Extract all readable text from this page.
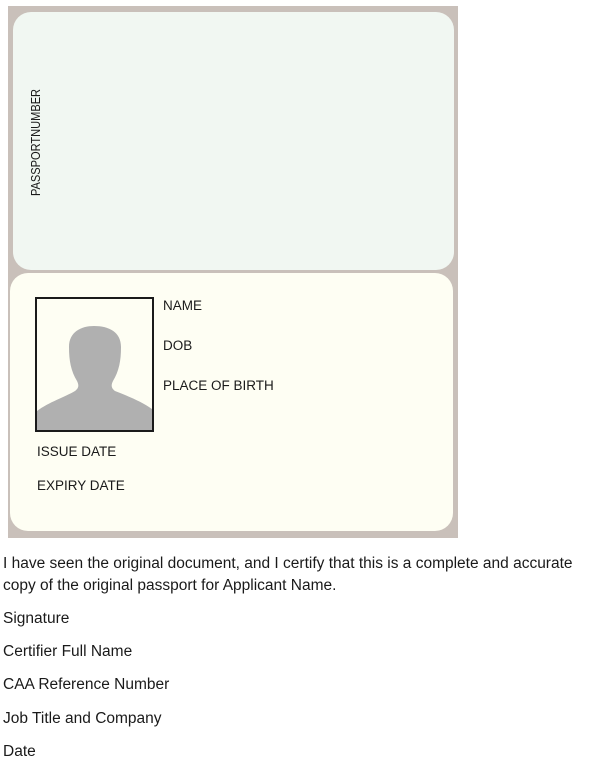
PASSPORTNUMBER
NAME
DOB
PLACE OF BIRTH
ISSUE DATE
EXPIRY DATE
I have seen the original document, and I certify that this is a complete and accurate copy of the original passport for Applicant Name.
Signature
Certifier Full Name
CAA Reference Number
Job Title and Company
Date
